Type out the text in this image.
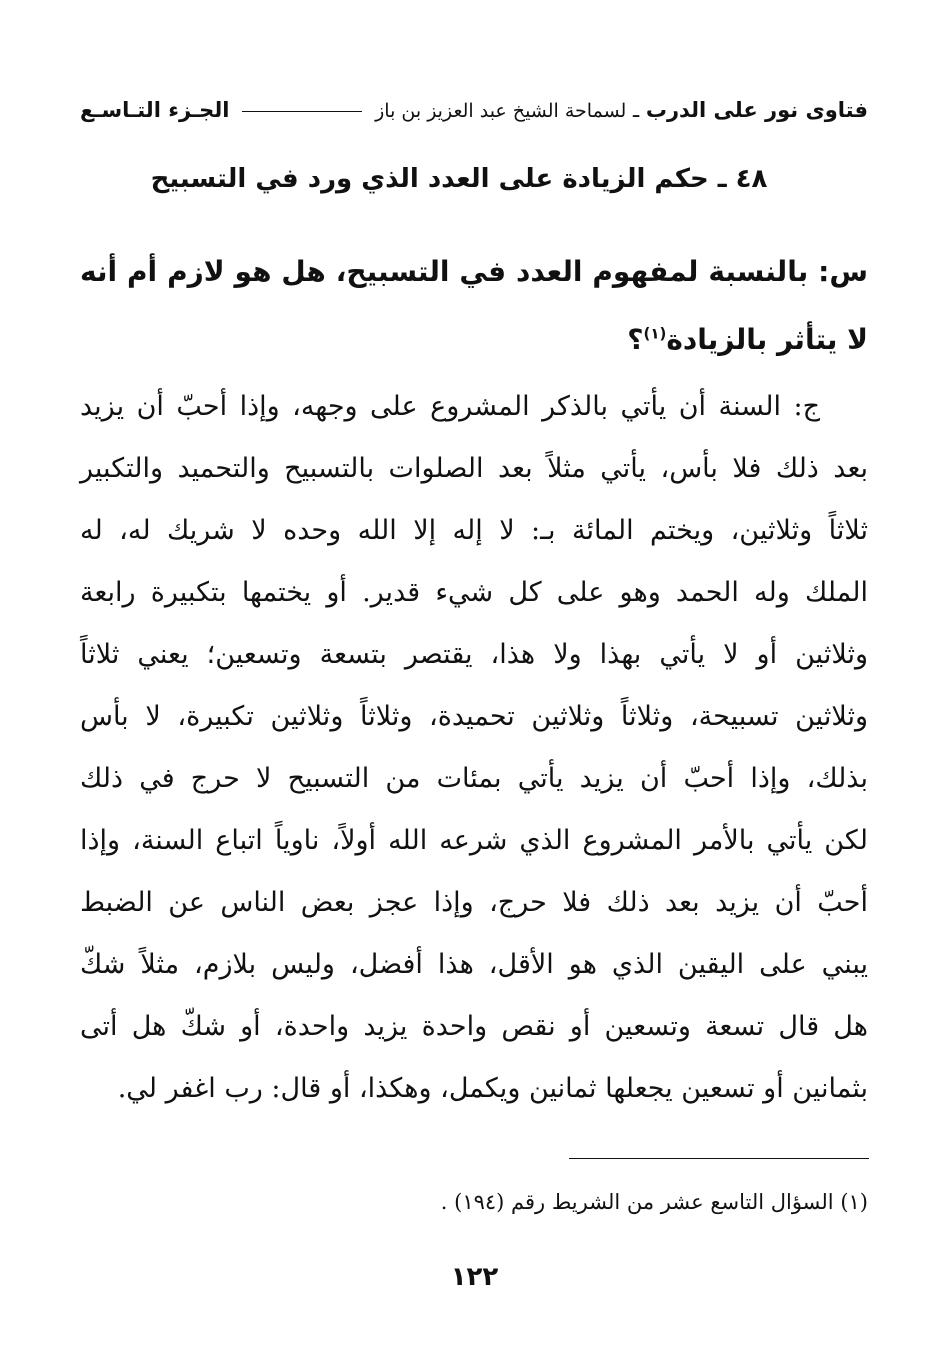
فتاوى نور على الدرب ـ لسماحة الشيخ عبد العزيز بن باز
الجـزء التـاسـع
٤٨ ـ حكم الزيادة على العدد الذي ورد في التسبيح
س: بالنسبة لمفهوم العدد في التسبيح، هل هو لازم أم أنه لا يتأثر بالزيادة$^{(١)}$؟
ج: السنة أن يأتي بالذكر المشروع على وجهه، وإذا أحبّ أن يزيد
بعد ذلك فلا بأس، يأتي مثلاً بعد الصلوات بالتسبيح والتحميد والتكبير
ثلاثاً وثلاثين، ويختم المائة بـ: لا إله إلا الله وحده لا شريك له، له
الملك وله الحمد وهو على كل شيء قدير. أو يختمها بتكبيرة رابعة
وثلاثين أو لا يأتي بهذا ولا هذا، يقتصر بتسعة وتسعين؛ يعني ثلاثاً
وثلاثين تسبيحة، وثلاثاً وثلاثين تحميدة، وثلاثاً وثلاثين تكبيرة، لا بأس
بذلك، وإذا أحبّ أن يزيد يأتي بمئات من التسبيح لا حرج في ذلك
لكن يأتي بالأمر المشروع الذي شرعه الله أولاً، ناوياً اتباع السنة، وإذا
أحبّ أن يزيد بعد ذلك فلا حرج، وإذا عجز بعض الناس عن الضبط
يبني على اليقين الذي هو الأقل، هذا أفضل، وليس بلازم، مثلاً شكّ
هل قال تسعة وتسعين أو نقص واحدة يزيد واحدة، أو شكّ هل أتى
بثمانين أو تسعين يجعلها ثمانين ويكمل، وهكذا، أو قال: رب اغفر لي.
(١) السؤال التاسع عشر من الشريط رقم (١٩٤) .
١٢٢
